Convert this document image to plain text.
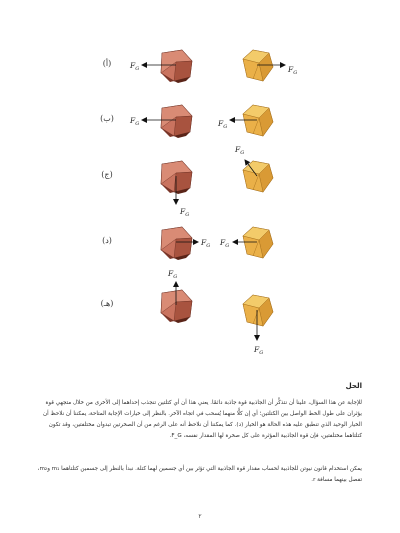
$F_G$	$F_G$
$F_G$	$F_G$
$F_G$
$F_G$
$F_G$ $F_G$
$F_G$
$F_G$
(أ)
(ب)
(ج)
(د)
(هـ)
الحل

للإجابة عن هذا السؤال، علينا أن نتذكَّر أن الجاذبية قوة جاذبة دائمًا. يعني هذا أن أي كتلتين تنجذب إحداهما إلى الأخرى من خلال متجهي قوة يؤثران على طول الخط الواصل بين الكتلتين؛ أي إن كلًّا منهما يُسحب في اتجاه الآخر. بالنظر إلى خيارات الإجابة المتاحة، يمكننا أن نلاحظ أن الخيار الوحيد الذي تنطبق عليه هذه الحالة هو الخيار (د). كما يمكننا أن نلاحظ أنه على الرغم من أن الصخرتين تبدوان مختلفتين، وقد تكون كتلتاهما مختلفتين، فإن قوة الجاذبية المؤثرة على كل صخرة لها المقدار نفسه، F_G.

يمكن استخدام قانون نيوتن للجاذبية لحساب مقدار قوة الجاذبية التي تؤثر بين أي جسمين لهما كتلة. نبدأ بالنظر إلى جسمين كتلتاهما m₁ وm₂، تفصل بينهما مسافة r.

٢
